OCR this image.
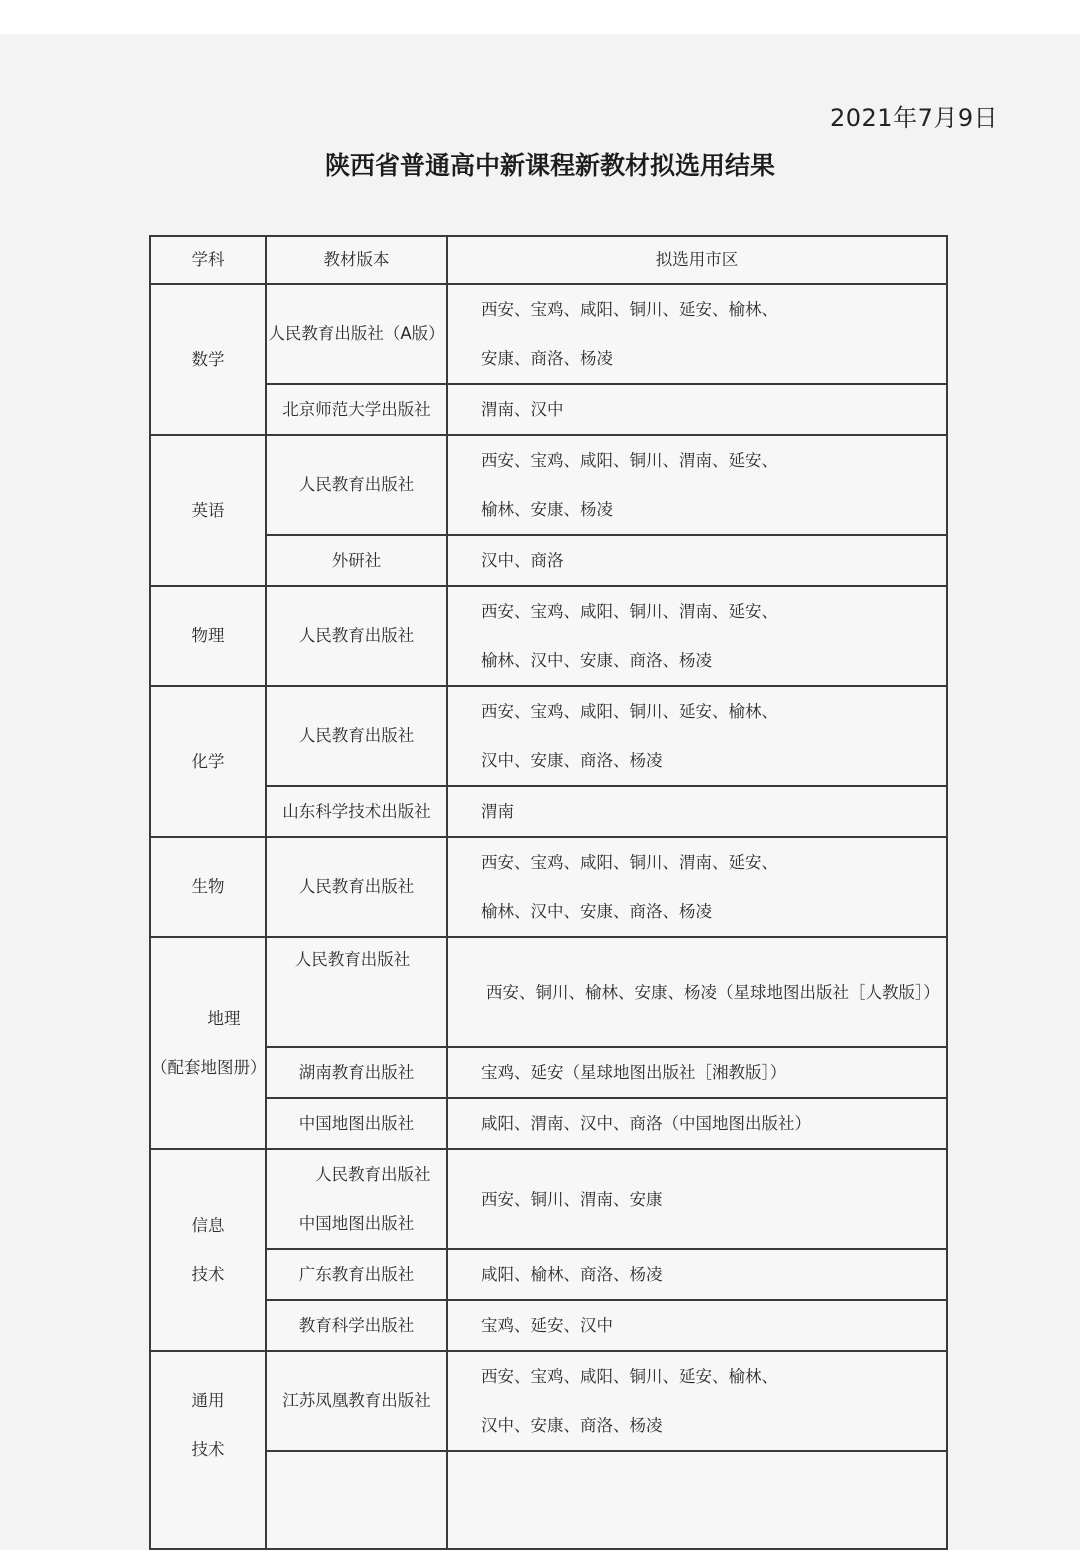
2021年7月9日
陕西省普通高中新课程新教材拟选用结果
学科	教材版本	拟选用市区
数学	人民教育出版社（A版）	西安、宝鸡、咸阳、铜川、延安、榆林、
安康、商洛、杨凌

	北京师范大学出版社	渭南、汉中
英语	人民教育出版社	西安、宝鸡、咸阳、铜川、渭南、延安、
榆林、安康、杨凌

	外研社	汉中、商洛
物理	人民教育出版社	西安、宝鸡、咸阳、铜川、渭南、延安、
榆林、汉中、安康、商洛、杨凌

化学	人民教育出版社	西安、宝鸡、咸阳、铜川、延安、榆林、
汉中、安康、商洛、杨凌

	山东科学技术出版社	渭南
生物	人民教育出版社	西安、宝鸡、咸阳、铜川、渭南、延安、
榆林、汉中、安康、商洛、杨凌

地理
（配套地图册）	人民教育出版社	西安、铜川、榆林、安康、杨凌（星球地图出版社［人教版］）
	湖南教育出版社	宝鸡、延安（星球地图出版社［湘教版］）
	中国地图出版社	咸阳、渭南、汉中、商洛（中国地图出版社）

信息
技术	人民教育出版社
中国地图出版社	西安、铜川、渭南、安康
	广东教育出版社	咸阳、榆林、商洛、杨凌
	教育科学出版社	宝鸡、延安、汉中

通用
技术	江苏凤凰教育出版社	西安、宝鸡、咸阳、铜川、延安、榆林、
汉中、安康、商洛、杨凌
